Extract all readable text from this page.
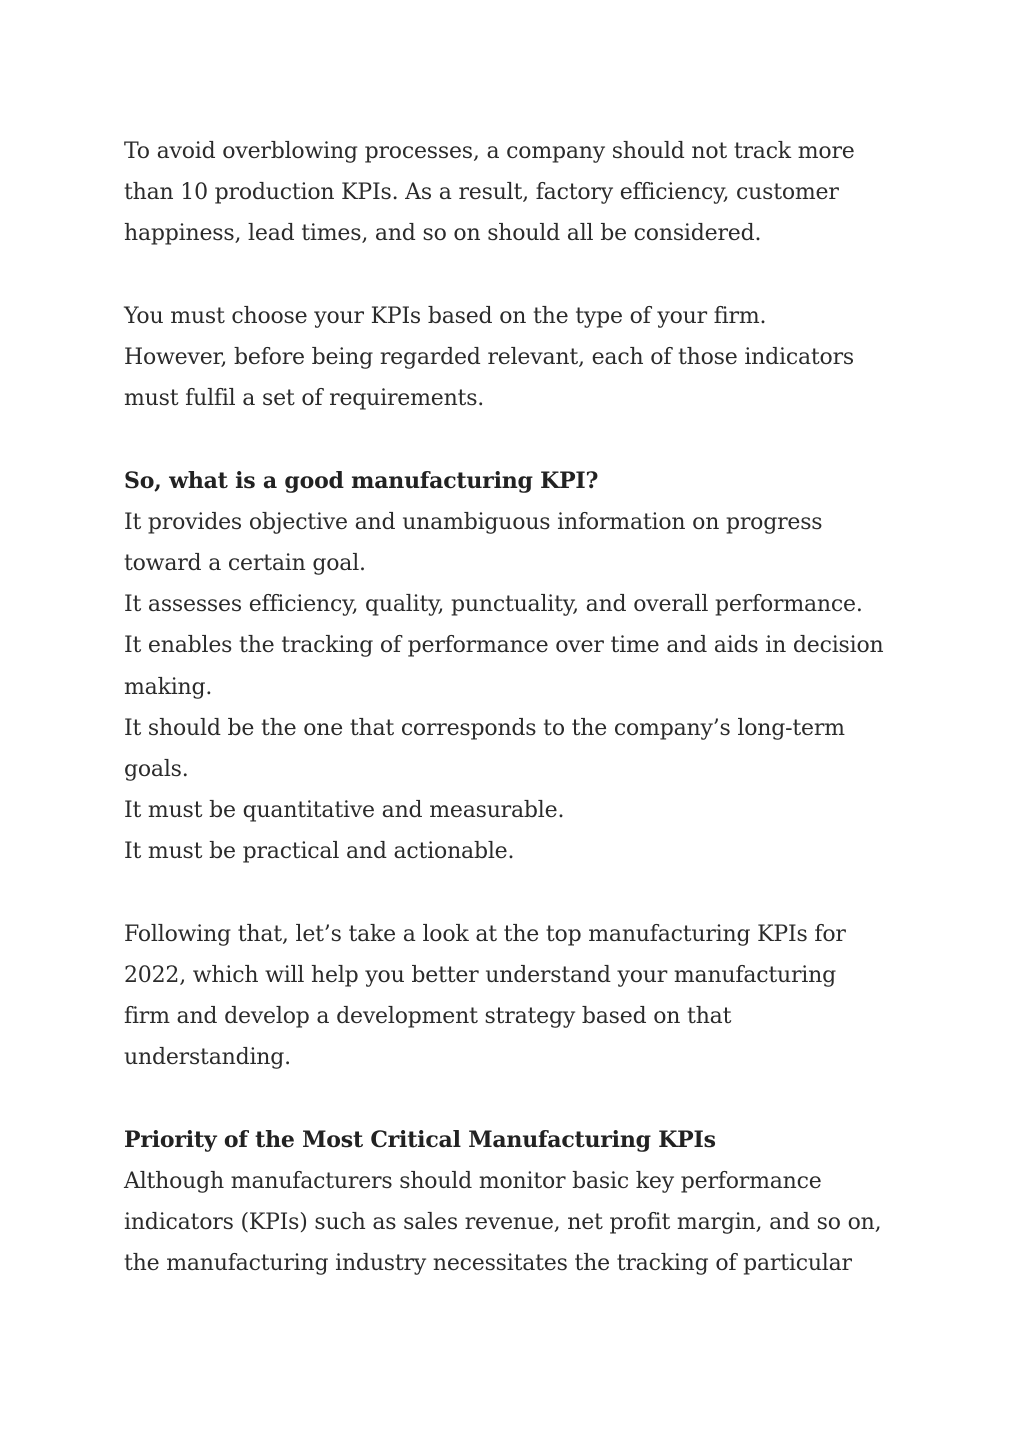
To avoid overblowing processes, a company should not track more
than 10 production KPIs. As a result, factory efficiency, customer
happiness, lead times, and so on should all be considered.
You must choose your KPIs based on the type of your firm.
However, before being regarded relevant, each of those indicators
must fulfil a set of requirements.
So, what is a good manufacturing KPI?
It provides objective and unambiguous information on progress
toward a certain goal.
It assesses efficiency, quality, punctuality, and overall performance.
It enables the tracking of performance over time and aids in decision
making.
It should be the one that corresponds to the company’s long-term
goals.
It must be quantitative and measurable.
It must be practical and actionable.
Following that, let’s take a look at the top manufacturing KPIs for
2022, which will help you better understand your manufacturing
firm and develop a development strategy based on that
understanding.
Priority of the Most Critical Manufacturing KPIs
Although manufacturers should monitor basic key performance
indicators (KPIs) such as sales revenue, net profit margin, and so on,
the manufacturing industry necessitates the tracking of particular
